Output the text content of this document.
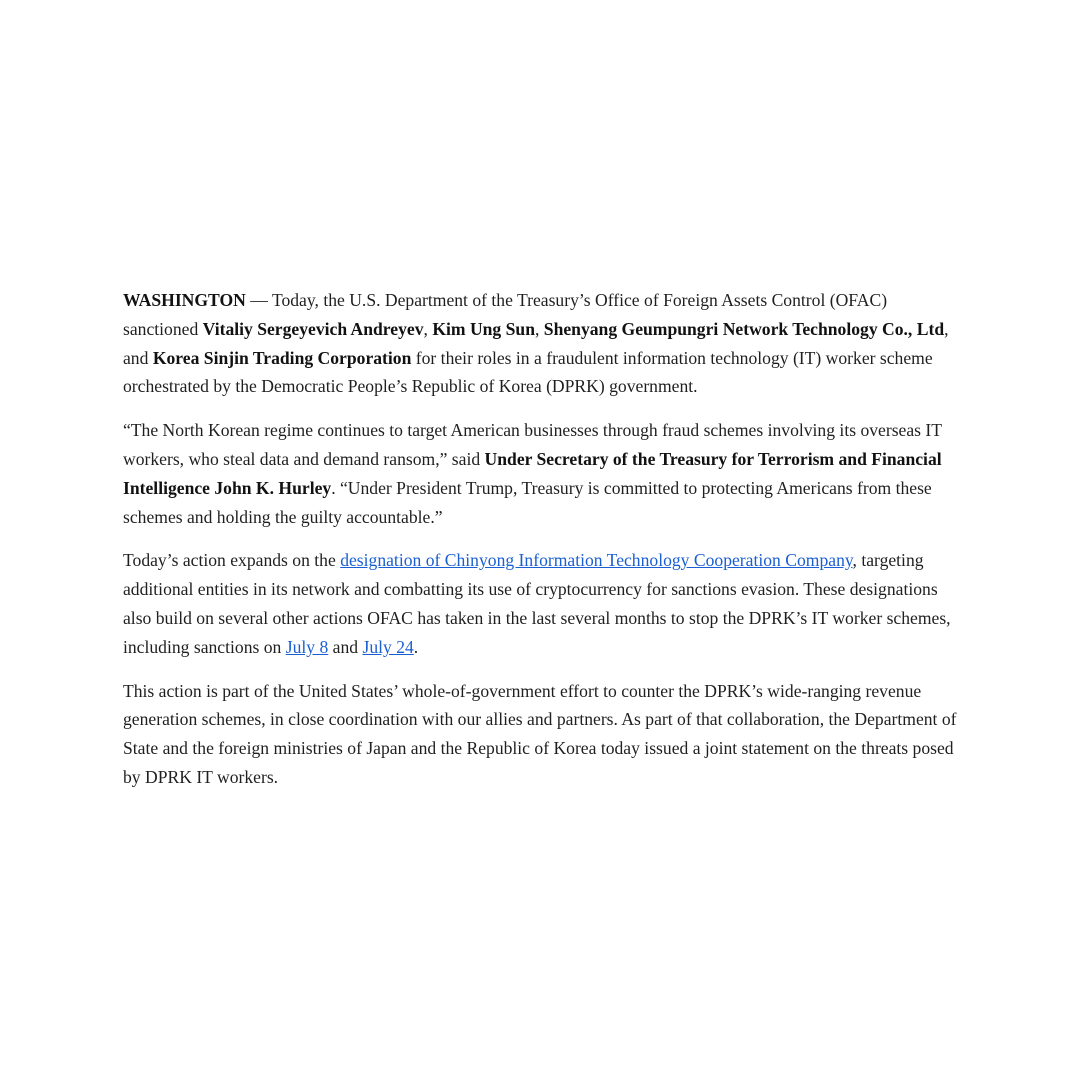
WASHINGTON — Today, the U.S. Department of the Treasury’s Office of Foreign Assets Control (OFAC) sanctioned Vitaliy Sergeyevich Andreyev, Kim Ung Sun, Shenyang Geumpungri Network Technology Co., Ltd, and Korea Sinjin Trading Corporation for their roles in a fraudulent information technology (IT) worker scheme orchestrated by the Democratic People’s Republic of Korea (DPRK) government.

“The North Korean regime continues to target American businesses through fraud schemes involving its overseas IT workers, who steal data and demand ransom,” said Under Secretary of the Treasury for Terrorism and Financial Intelligence John K. Hurley. “Under President Trump, Treasury is committed to protecting Americans from these schemes and holding the guilty accountable.”

Today’s action expands on the designation of Chinyong Information Technology Cooperation Company, targeting additional entities in its network and combatting its use of cryptocurrency for sanctions evasion. These designations also build on several other actions OFAC has taken in the last several months to stop the DPRK’s IT worker schemes, including sanctions on July 8 and July 24.

This action is part of the United States’ whole-of-government effort to counter the DPRK’s wide-ranging revenue generation schemes, in close coordination with our allies and partners. As part of that collaboration, the Department of State and the foreign ministries of Japan and the Republic of Korea today issued a joint statement on the threats posed by DPRK IT workers.
